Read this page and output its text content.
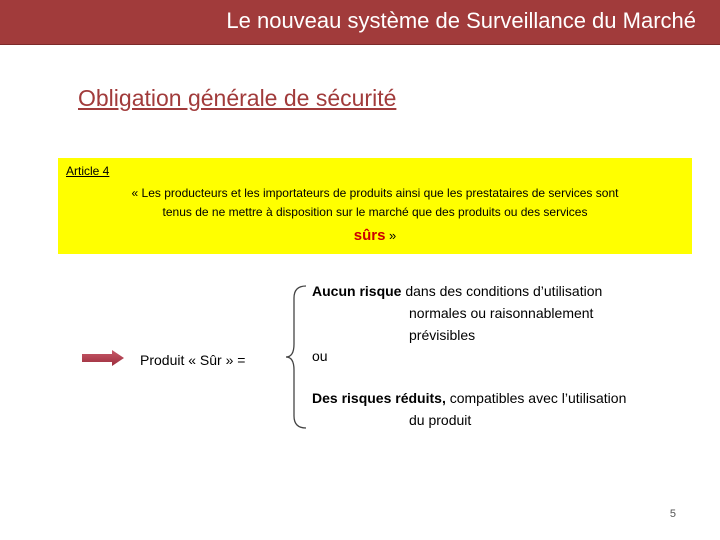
Le nouveau système de Surveillance du Marché
Obligation générale de sécurité
Article 4
« Les producteurs et les importateurs de produits ainsi que les prestataires de services sont
tenus de ne mettre à disposition sur le marché que des produits ou des services
sûrs »
Produit « Sûr » =
Aucun risque dans des conditions d’utilisation
normales ou raisonnablement
prévisibles
ou
Des risques réduits, compatibles avec l’utilisation
du produit
5
